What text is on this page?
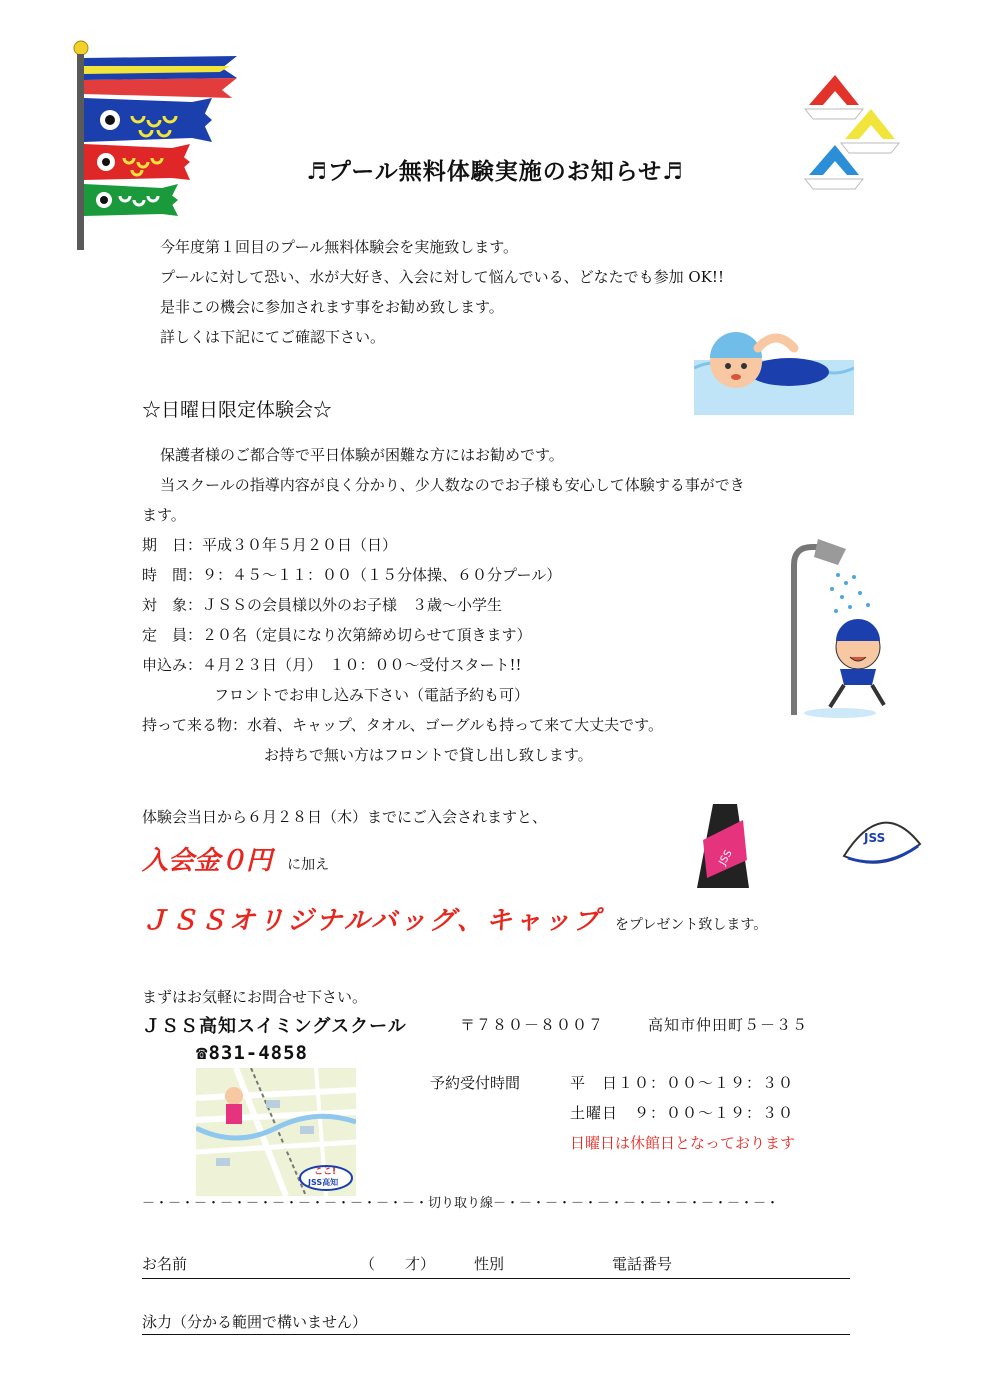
♬プール無料体験実施のお知らせ♬
今年度第１回目のプール無料体験会を実施致します。
プールに対して恐い、水が大好き、入会に対して悩んでいる、どなたでも参加 OK!!
是非この機会に参加されます事をお勧め致します。
詳しくは下記にてご確認下さい。
☆日曜日限定体験会☆
保護者様のご都合等で平日体験が困難な方にはお勧めです。
当スクールの指導内容が良く分かり、少人数なのでお子様も安心して体験する事ができ
ます。
期　日：平成３０年５月２０日（日）
時　間：９：４５～１１：００（１５分体操、６０分プール）
対　象：ＪＳＳの会員様以外のお子様　３歳～小学生
定　員：２０名（定員になり次第締め切らせて頂きます）
申込み：４月２３日（月）　１０：００～受付スタート!!
フロントでお申し込み下さい（電話予約も可）
持って来る物：水着、キャップ、タオル、ゴーグルも持って来て大丈夫です。
お持ちで無い方はフロントで貸し出し致します。
体験会当日から６月２８日（木）までにご入会されますと、
入会金０円 に加え
ＪＳＳオリジナルバッグ、キャップ をプレゼント致します。
JSS
JSS
まずはお気軽にお問合せ下さい。
ＪＳＳ高知スイミングスクール	〒７８０－８００７	高知市仲田町５－３５
☎831-4858
ここ!
JSS高知
予約受付時間	平　日１０：００～１９：３０
土曜日　９：００～１９：３０
日曜日は休館日となっております
－・－・－・－・－・－・－・－・－・－・－・切り取り線－・－・－・－・－・－・－・－・－・－・－・
お名前	（　　才）	性別	電話番号
泳力（分かる範囲で構いません）
